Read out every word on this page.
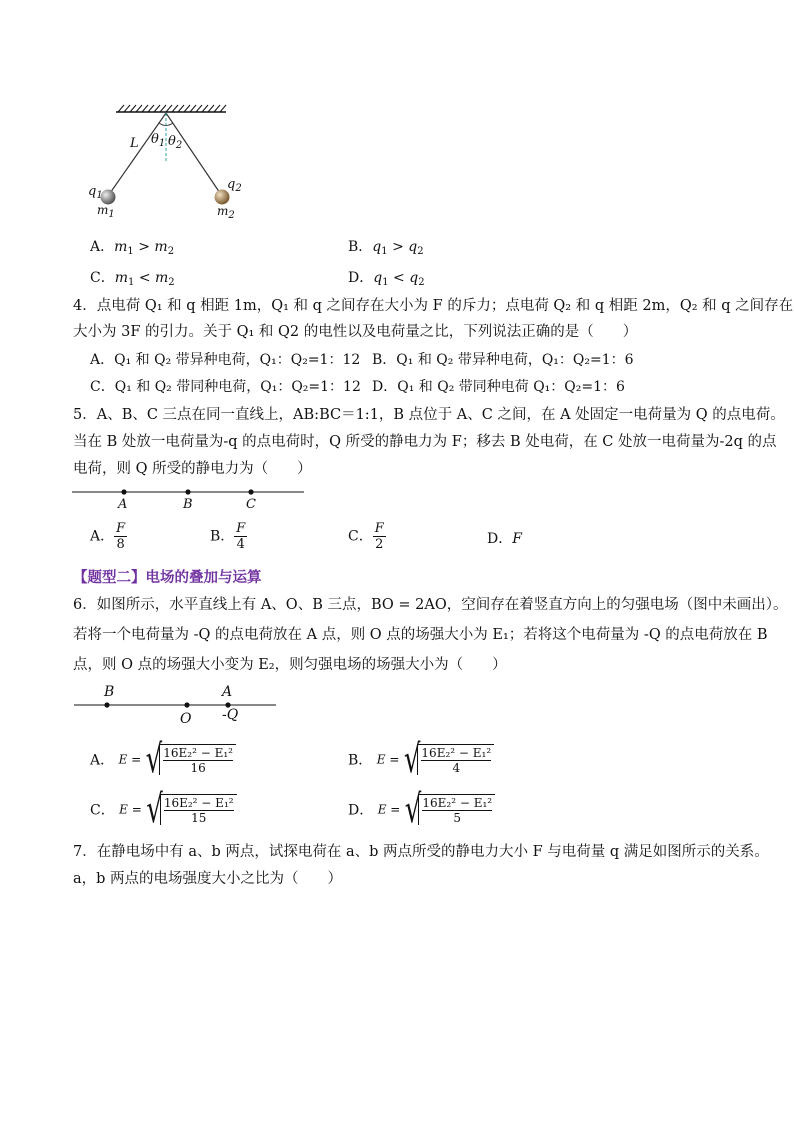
L $\theta_1$ $\theta_2$
$q_1$
$m_1$
$q_2$
$m_2$
A．$m_1 > m_2$	B．$q_1 > q_2$
C．$m_1 < m_2$	D．$q_1 < q_2$
4．点电荷 Q₁ 和 q 相距 1m，Q₁ 和 q 之间存在大小为 F 的斥力；点电荷 Q₂ 和 q 相距 2m，Q₂ 和 q 之间存在
大小为 3F 的引力。关于 Q₁ 和 Q2 的电性以及电荷量之比，下列说法正确的是（　　）
A．Q₁ 和 Q₂ 带异种电荷，Q₁：Q₂=1：12 B．Q₁ 和 Q₂ 带异种电荷，Q₁：Q₂=1：6
C．Q₁ 和 Q₂ 带同种电荷，Q₁：Q₂=1：12 D．Q₁ 和 Q₂ 带同种电荷 Q₁：Q₂=1：6
5．A、B、C 三点在同一直线上，AB:BC＝1:1，B 点位于 A、C 之间，在 A 处固定一电荷量为 Q 的点电荷。
当在 B 处放一电荷量为-q 的点电荷时，Q 所受的静电力为 F；移去 B 处电荷，在 C 处放一电荷量为-2q 的点
电荷，则 Q 所受的静电力为（　　）
A	B	C
A． $\frac{F}{8}$	B． $\frac{F}{4}$	C． $\frac{F}{2}$	D．F
【题型二】电场的叠加与运算
6．如图所示，水平直线上有 A、O、B 三点，BO = 2AO，空间存在着竖直方向上的匀强电场（图中未画出）。
若将一个电荷量为 -Q 的点电荷放在 A 点，则 O 点的场强大小为 E₁；若将这个电荷量为 -Q 的点电荷放在 B
点，则 O 点的场强大小变为 E₂，则匀强电场的场强大小为（　　）
B
O
A
-Q
A． E = √
$\frac{\text{16E₂² − E₁²}}{16}$	B． E = √
$\frac{\text{16E₂² − E₁²}}{4}$
C． E = √
$\frac{\text{16E₂² − E₁²}}{15}$	D． E = √
$\frac{\text{16E₂² − E₁²}}{5}$
7．在静电场中有 a、b 两点，试探电荷在 a、b 两点所受的静电力大小 F 与电荷量 q 满足如图所示的关系。
a，b 两点的电场强度大小之比为（　　）
